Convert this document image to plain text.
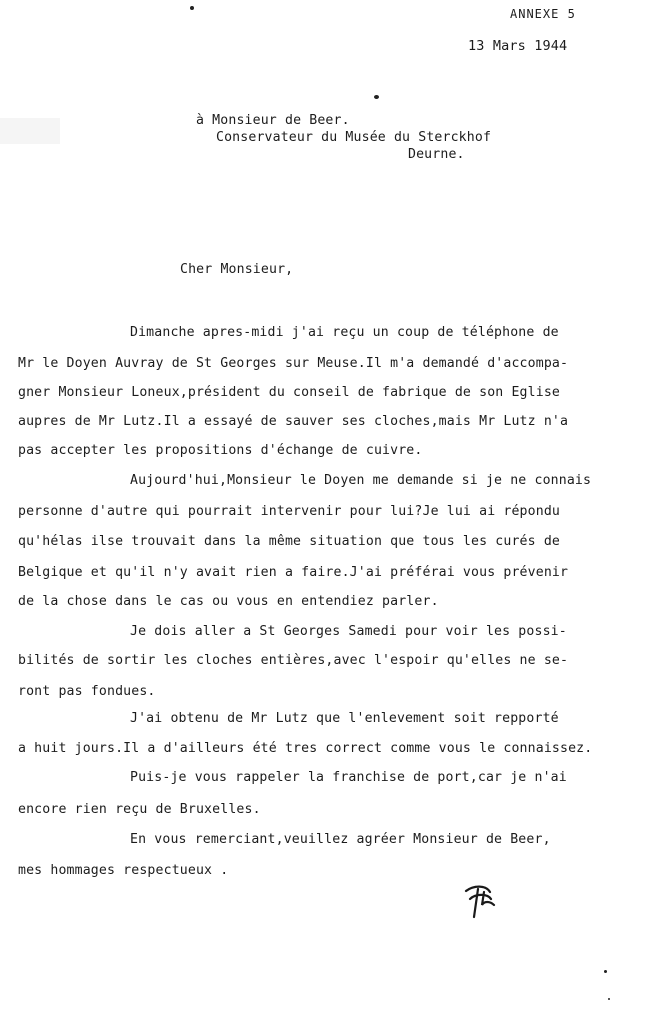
ANNEXE 5
13 Mars 1944
à Monsieur de Beer.
Conservateur du Musée du Sterckhof
Deurne.
Cher Monsieur,
Dimanche apres-midi j'ai reçu un coup de téléphone de
Mr le Doyen Auvray de St Georges sur Meuse.Il m'a demandé d'accompa-
gner Monsieur Loneux,président du conseil de fabrique de son Eglise
aupres de Mr Lutz.Il a essayé de sauver ses cloches,mais Mr Lutz n'a
pas accepter les propositions d'échange de cuivre.
Aujourd'hui,Monsieur le Doyen me demande si je ne connais
personne d'autre qui pourrait intervenir pour lui?Je lui ai répondu
qu'hélas ilse trouvait dans la même situation que tous les curés de
Belgique et qu'il n'y avait rien a faire.J'ai préférai vous prévenir
de la chose dans le cas ou vous en entendiez parler.
Je dois aller a St Georges Samedi pour voir les possi-
bilités de sortir les cloches entières,avec l'espoir qu'elles ne se-
ront pas fondues.
J'ai obtenu de Mr Lutz que l'enlevement soit repporté
a huit jours.Il a d'ailleurs été tres correct comme vous le connaissez.
Puis-je vous rappeler la franchise de port,car je n'ai
encore rien reçu de Bruxelles.
En vous remerciant,veuillez agréer Monsieur de Beer,
mes hommages respectueux .
